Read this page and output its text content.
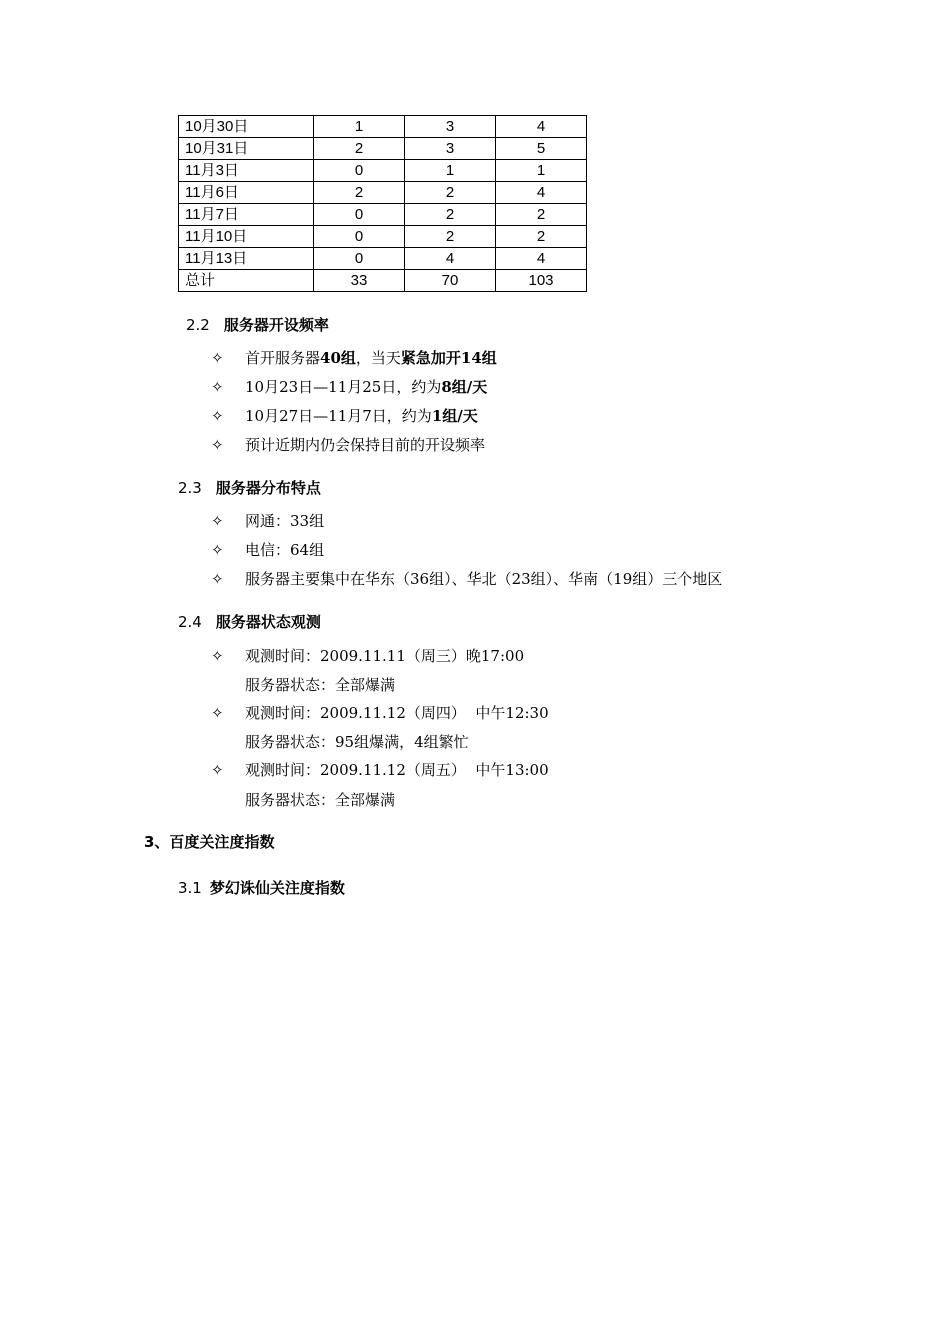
10月30日	1	3	4
10月31日	2	3	5
11月3日	0	1	1
11月6日	2	2	4
11月7日	0	2	2
11月10日	0	2	2
11月13日	0	4	4
总计	33	70	103
2.2 服务器开设频率
✧ 首开服务器40组，当天紧急加开14组
✧ 10月23日—11月25日，约为8组/天
✧ 10月27日—11月7日，约为1组/天
✧ 预计近期内仍会保持目前的开设频率
2.3 服务器分布特点
✧ 网通：33组
✧ 电信：64组
✧ 服务器主要集中在华东（36组）、华北（23组）、华南（19组）三个地区
2.4 服务器状态观测
✧ 观测时间：2009.11.11（周三）晚17:00
服务器状态：全部爆满
✧ 观测时间：2009.11.12（周四）  中午12:30
服务器状态：95组爆满，4组繁忙
✧ 观测时间：2009.11.12（周五）  中午13:00
服务器状态：全部爆满
3、百度关注度指数
3.1 梦幻诛仙关注度指数
